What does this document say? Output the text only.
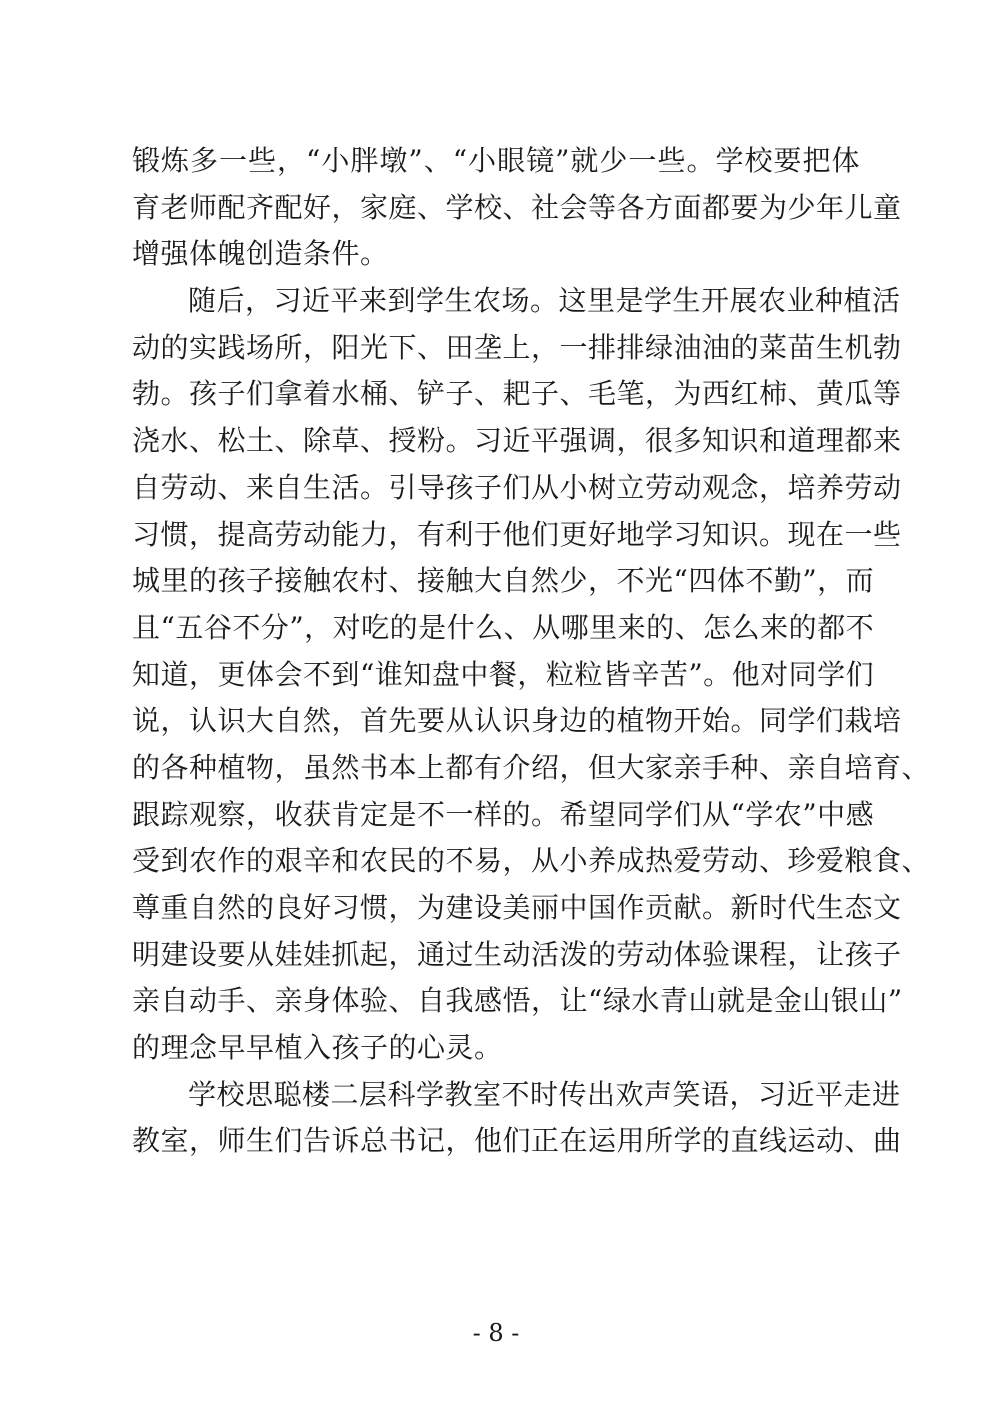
锻炼多一些，“小胖墩”、“小眼镜”就少一些。学校要把体
育老师配齐配好，家庭、学校、社会等各方面都要为少年儿童
增强体魄创造条件。
随后，习近平来到学生农场。这里是学生开展农业种植活
动的实践场所，阳光下、田垄上，一排排绿油油的菜苗生机勃
勃。孩子们拿着水桶、铲子、耙子、毛笔，为西红柿、黄瓜等
浇水、松土、除草、授粉。习近平强调，很多知识和道理都来
自劳动、来自生活。引导孩子们从小树立劳动观念，培养劳动
习惯，提高劳动能力，有利于他们更好地学习知识。现在一些
城里的孩子接触农村、接触大自然少，不光“四体不勤”，而
且“五谷不分”，对吃的是什么、从哪里来的、怎么来的都不
知道，更体会不到“谁知盘中餐，粒粒皆辛苦”。他对同学们
说，认识大自然，首先要从认识身边的植物开始。同学们栽培
的各种植物，虽然书本上都有介绍，但大家亲手种、亲自培育、
跟踪观察，收获肯定是不一样的。希望同学们从“学农”中感
受到农作的艰辛和农民的不易，从小养成热爱劳动、珍爱粮食、
尊重自然的良好习惯，为建设美丽中国作贡献。新时代生态文
明建设要从娃娃抓起，通过生动活泼的劳动体验课程，让孩子
亲自动手、亲身体验、自我感悟，让“绿水青山就是金山银山”
的理念早早植入孩子的心灵。
学校思聪楼二层科学教室不时传出欢声笑语，习近平走进
教室，师生们告诉总书记，他们正在运用所学的直线运动、曲
- 8 -
